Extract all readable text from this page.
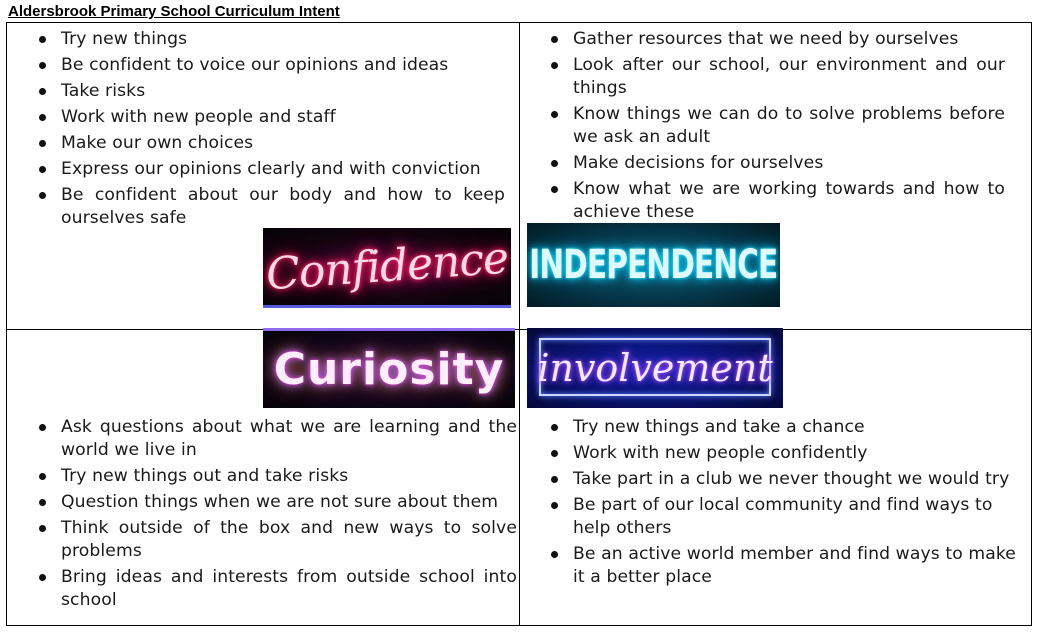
Aldersbrook Primary School Curriculum Intent
Try new things
Be confident to voice our opinions and ideas
Take risks
Work with new people and staff
Make our own choices
Express our opinions clearly and with conviction
Be confident about our body and how to keep ourselves safe
Gather resources that we need by ourselves
Look after our school, our environment and our things
Know things we can do to solve problems before we ask an adult
Make decisions for ourselves
Know what we are working towards and how to achieve these
Ask questions about what we are learning and the world we live in
Try new things out and take risks
Question things when we are not sure about them
Think outside of the box and new ways to solve problems
Bring ideas and interests from outside school into school
Try new things and take a chance
Work with new people confidently
Take part in a club we never thought we would try
Be part of our local community and find ways to help others
Be an active world member and find ways to make it a better place
Confidence INDEPENDENCE
Curiosity involvement
